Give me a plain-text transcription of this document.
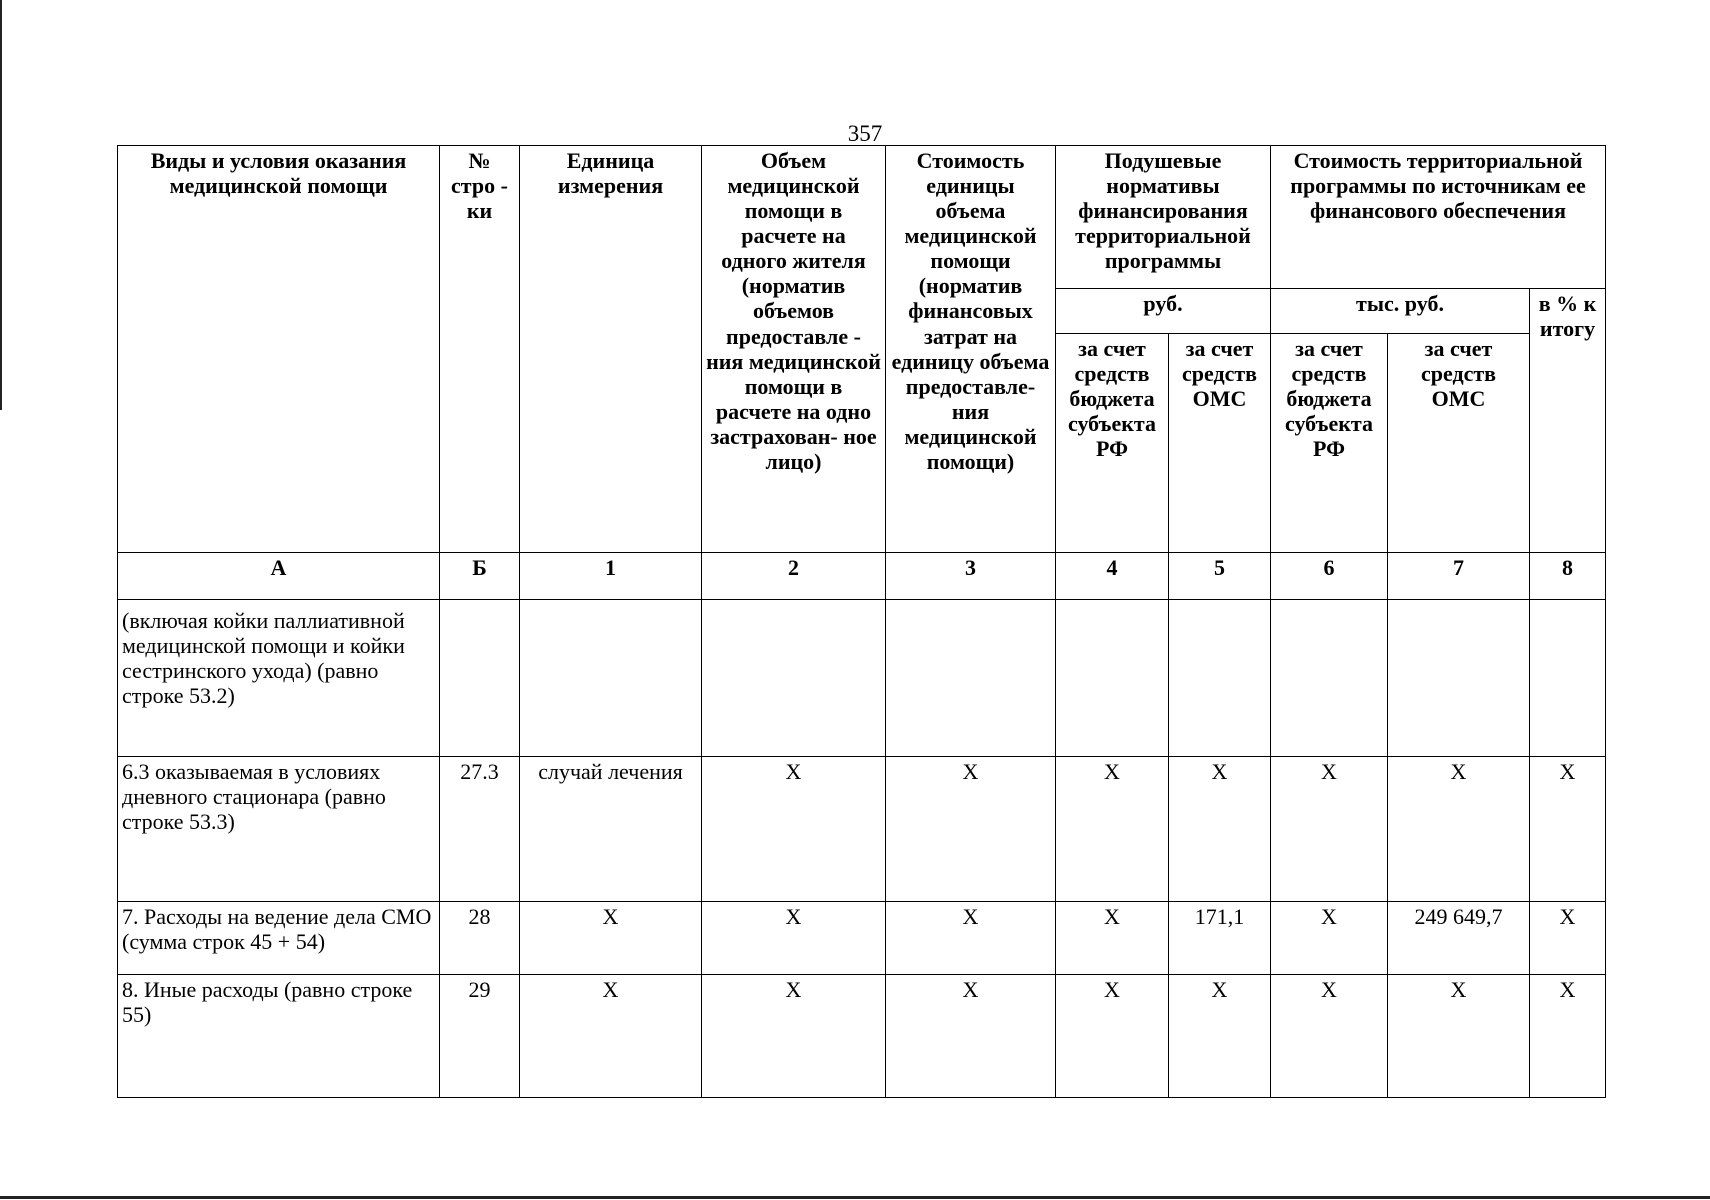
357
Виды и условия оказания медицинской помощи	№ стро - ки	Единица измерения	Объем медицинской помощи в расчете на одного жителя (норматив объемов предоставле - ния медицинской помощи в расчете на одно застрахован- ное лицо)	Стоимость единицы объема медицинской помощи (норматив финансовых затрат на единицу объема предоставле- ния медицинской помощи)	Подушевые нормативы финансирования территориальной программы		Стоимость территориальной программы по источникам ее финансового обеспечения		
					руб.		тыс. руб.		в % к итогу
					за счет средств бюджета субъекта РФ	за счет средств ОМС	за счет средств бюджета субъекта РФ	за счет средств ОМС	
А	Б	1	2	3	4	5	6	7	8
(включая койки паллиативной медицинской помощи и койки сестринского ухода) (равно строке 53.2)									
6.3 оказываемая в условиях дневного стационара (равно строке 53.3)	27.3	случай лечения	X	X	X	X	X	X	X
7. Расходы на ведение дела СМО (сумма строк 45 + 54)	28	X	X	X	X	171,1	X	249 649,7	X
8. Иные расходы (равно строке 55)	29	X	X	X	X	X	X	X	X
